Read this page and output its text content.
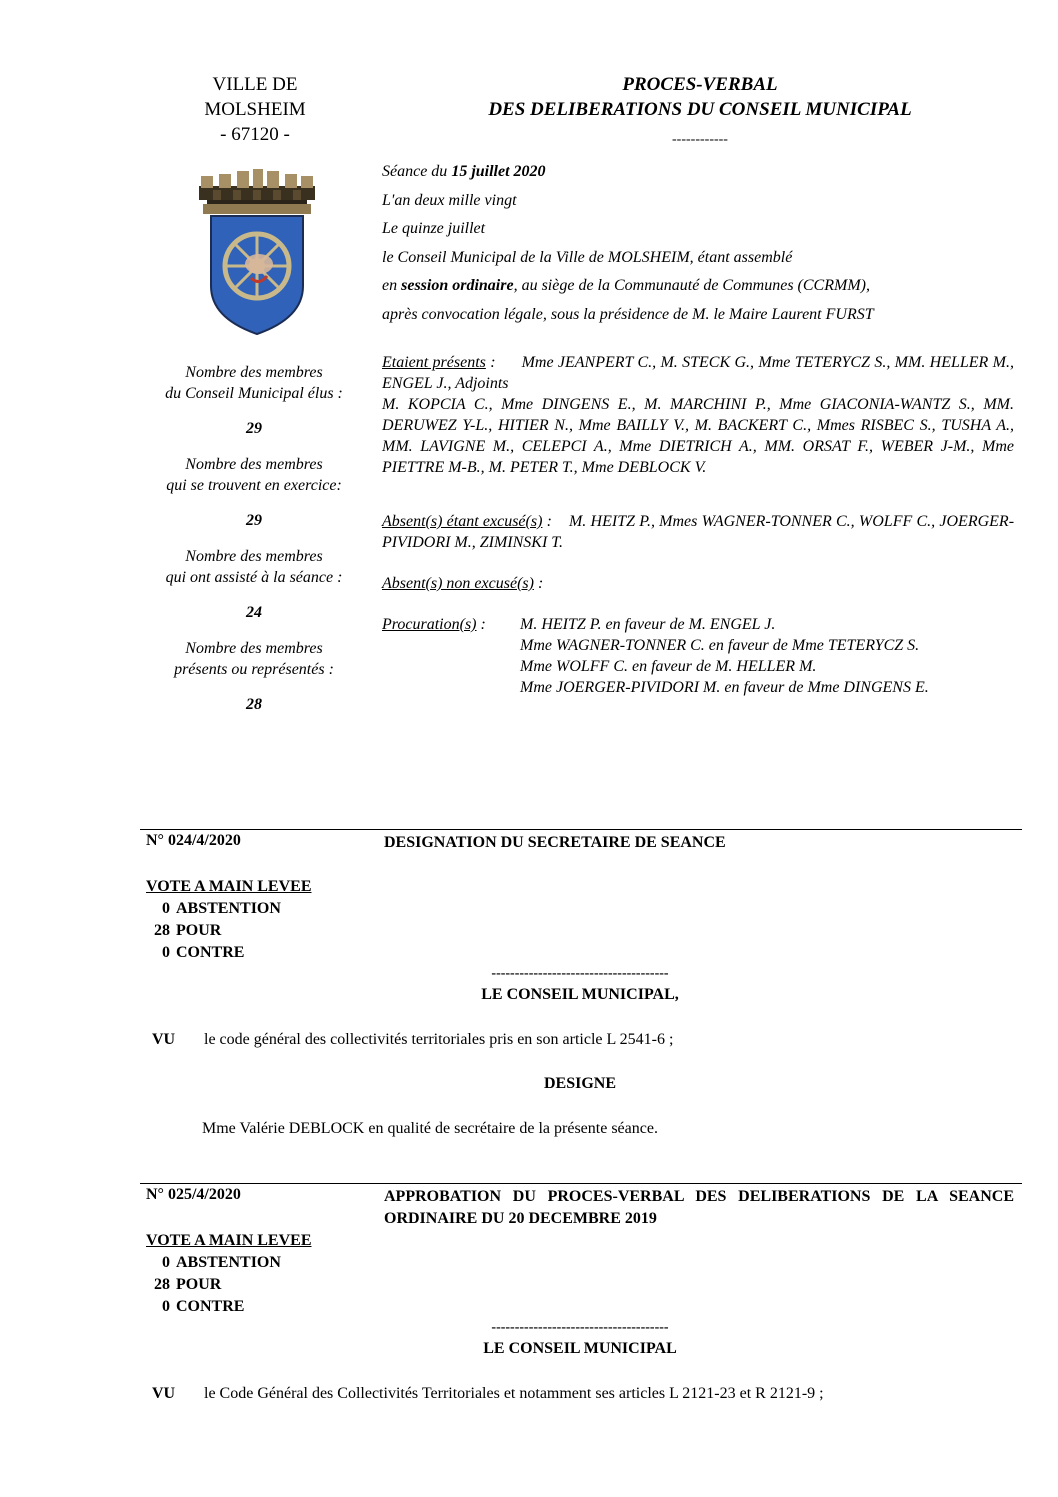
VILLE DE
MOLSHEIM
- 67120 -
PROCES-VERBAL
DES DELIBERATIONS DU CONSEIL MUNICIPAL
------------
Séance du 15 juillet 2020
L'an deux mille vingt
Le quinze juillet
le Conseil Municipal de la Ville de MOLSHEIM, étant assemblé
en session ordinaire, au siège de la Communauté de Communes (CCRMM),
après convocation légale, sous la présidence de M. le Maire Laurent FURST
Nombre des membres
du Conseil Municipal élus :
29
Nombre des membres
qui se trouvent en exercice:
29
Nombre des membres
qui ont assisté à la séance :
24
Nombre des membres
présents ou représentés :
28

Etaient présents : Mme JEANPERT C., M. STECK G., Mme TETERYCZ S., MM. HELLER M., ENGEL J., Adjoints

M. KOPCIA C., Mme DINGENS E., M. MARCHINI P., Mme GIACONIA-WANTZ S., MM. DERUWEZ Y-L., HITIER N., Mme BAILLY V., M. BACKERT C., Mmes RISBEC S., TUSHA A., MM. LAVIGNE M., CELEPCI A., Mme DIETRICH A., MM. ORSAT F., WEBER J-M., Mme PIETTRE M-B., M. PETER T., Mme DEBLOCK V.

Absent(s) étant excusé(s) : M. HEITZ P., Mmes WAGNER-TONNER C., WOLFF C., JOERGER-PIVIDORI M., ZIMINSKI T.

Absent(s) non excusé(s) :

Procuration(s) :	M. HEITZ P. en faveur de M. ENGEL J.
Mme WAGNER-TONNER C. en faveur de Mme TETERYCZ S.
Mme WOLFF C. en faveur de M. HELLER M.
Mme JOERGER-PIVIDORI M. en faveur de Mme DINGENS E.
N° 024/4/2020	DESIGNATION DU SECRETAIRE DE SEANCE
VOTE A MAIN LEVEE
0 ABSTENTION
28 POUR
0 CONTRE
--------------------------------------
LE CONSEIL MUNICIPAL,
VU	le code général des collectivités territoriales pris en son article L 2541-6 ;
DESIGNE
Mme Valérie DEBLOCK en qualité de secrétaire de la présente séance.
N° 025/4/2020	APPROBATION DU PROCES-VERBAL DES DELIBERATIONS DE LA SEANCE ORDINAIRE DU 20 DECEMBRE 2019
VOTE A MAIN LEVEE
0 ABSTENTION
28 POUR
0 CONTRE
--------------------------------------
LE CONSEIL MUNICIPAL
VU	le Code Général des Collectivités Territoriales et notamment ses articles L 2121-23 et R 2121-9 ;
